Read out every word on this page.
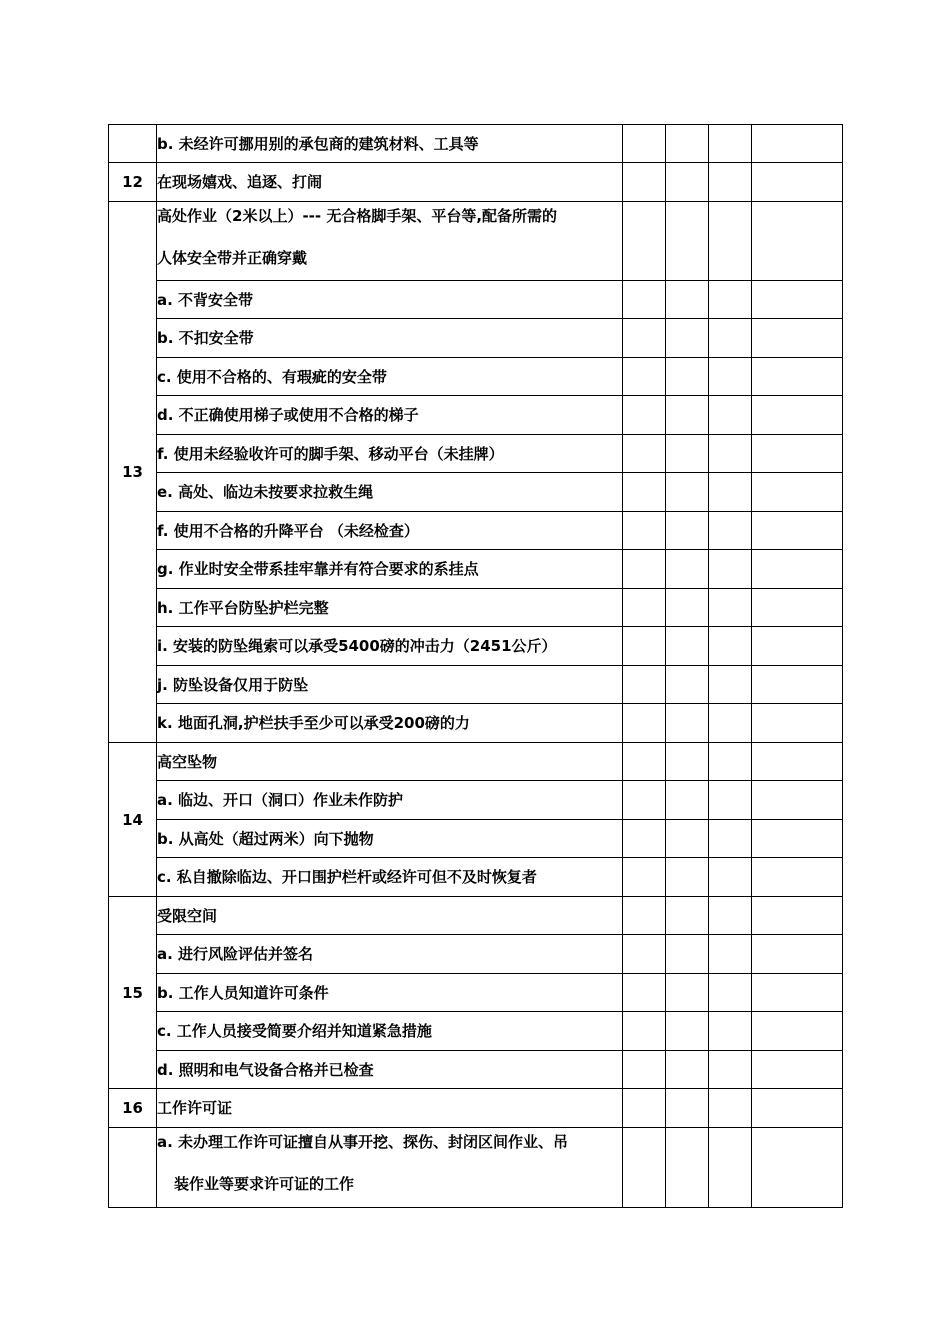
	b. 未经许可挪用别的承包商的建筑材料、工具等				
12	在现场嬉戏、追逐、打闹				
13	高处作业（2米以上）--- 无合格脚手架、平台等,配备所需的
人体安全带并正确穿戴				

	a. 不背安全带				
	b. 不扣安全带				
	c. 使用不合格的、有瑕疵的安全带				
	d. 不正确使用梯子或使用不合格的梯子				
	f. 使用未经验收许可的脚手架、移动平台（未挂牌）				
	e. 高处、临边未按要求拉救生绳				
	f. 使用不合格的升降平台 （未经检查）				
	g. 作业时安全带系挂牢靠并有符合要求的系挂点				
	h. 工作平台防坠护栏完整				
	i. 安装的防坠绳索可以承受5400磅的冲击力（2451公斤）				
	j. 防坠设备仅用于防坠				
	k. 地面孔洞,护栏扶手至少可以承受200磅的力				
14	高空坠物				
	a. 临边、开口（洞口）作业未作防护				
	b. 从高处（超过两米）向下抛物				
	c. 私自撤除临边、开口围护栏杆或经许可但不及时恢复者				
15	受限空间				
	a. 进行风险评估并签名				
	b. 工作人员知道许可条件				
	c. 工作人员接受简要介绍并知道紧急措施				
	d. 照明和电气设备合格并已检查				
16	工作许可证				

	a. 未办理工作许可证擅自从事开挖、探伤、封闭区间作业、吊
装作业等要求许可证的工作				
